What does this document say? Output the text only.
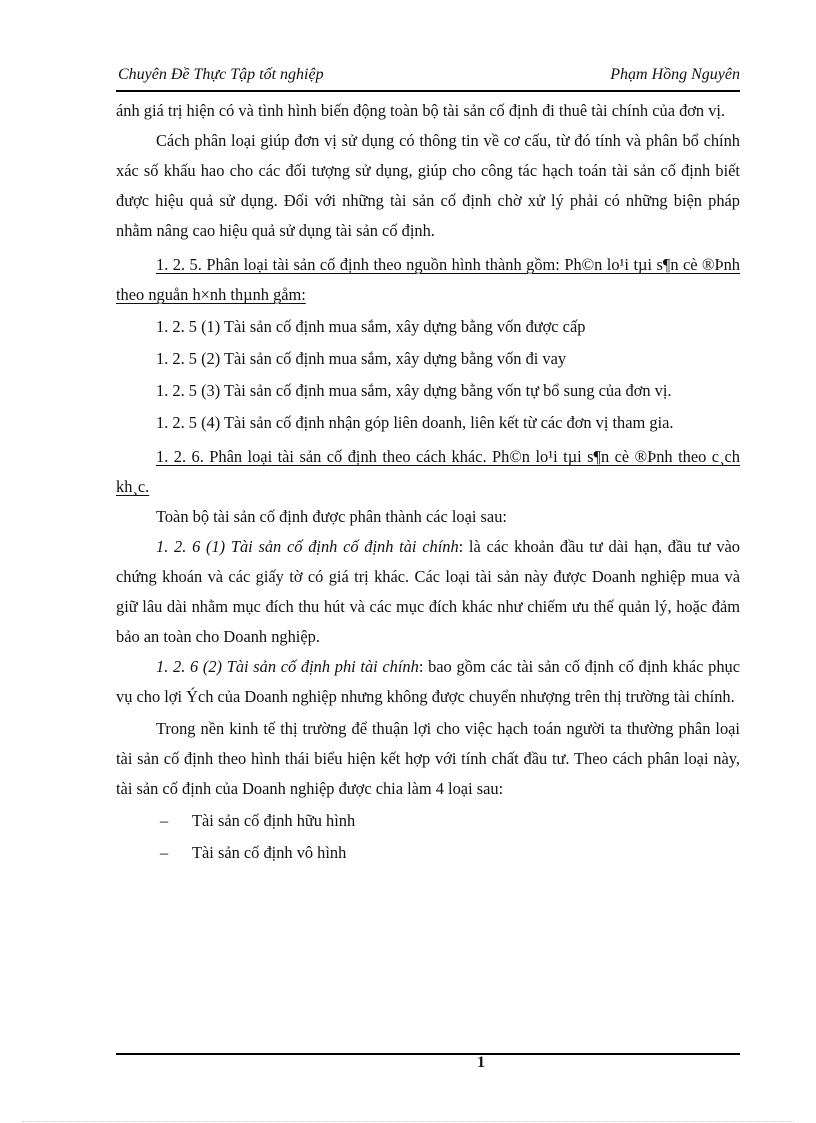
Chuyên Đề Thực Tập tốt nghiệp	Phạm Hồng Nguyên

ánh giá trị hiện có và tình hình biến động toàn bộ tài sản cố định đi thuê tài chính của đơn vị.

Cách phân loại giúp đơn vị sử dụng có thông tin về cơ cấu, từ đó tính và phân bổ chính xác số khấu hao cho các đối tượng sử dụng, giúp cho công tác hạch toán tài sản cố định biết được hiệu quả sử dụng. Đối với những tài sản cố định chờ xử lý phải có những biện pháp nhằm nâng cao hiệu quả sử dụng tài sản cố định.

1. 2. 5. Phân loại tài sản cố định theo nguồn hình thành gồm: Ph©n lo¹i tµi s¶n cè ®Þnh theo nguån h×nh thµnh gåm:

1. 2. 5 (1) Tài sản cố định mua sắm, xây dựng bằng vốn được cấp

1. 2. 5 (2) Tài sản cố định mua sắm, xây dựng bằng vốn đi vay

1. 2. 5 (3) Tài sản cố định mua sắm, xây dựng bằng vốn tự bổ sung của đơn vị.

1. 2. 5 (4) Tài sản cố định nhận góp liên doanh, liên kết từ các đơn vị tham gia.

1. 2. 6. Phân loại tài sản cố định theo cách khác. Ph©n lo¹i tµi s¶n cè ®Þnh theo c¸ch kh¸c.

Toàn bộ tài sản cố định được phân thành các loại sau:

1. 2. 6 (1) Tài sản cố định cố định tài chính: là các khoản đầu tư dài hạn, đầu tư vào chứng khoán và các giấy tờ có giá trị khác. Các loại tài sản này được Doanh nghiệp mua và giữ lâu dài nhằm mục đích thu hút và các mục đích khác như chiếm ưu thế quản lý, hoặc đảm bảo an toàn cho Doanh nghiệp.

1. 2. 6 (2) Tài sản cố định phi tài chính: bao gồm các tài sản cố định cố định khác phục vụ cho lợi Ých của Doanh nghiệp nhưng không được chuyển nhượng trên thị trường tài chính.

Trong nền kinh tế thị trường để thuận lợi cho việc hạch toán người ta thường phân loại tài sản cố định theo hình thái biểu hiện kết hợp với tính chất đầu tư. Theo cách phân loại này, tài sản cố định của Doanh nghiệp được chia làm 4 loại sau:

– Tài sản cố định hữu hình

– Tài sản cố định vô hình

1
